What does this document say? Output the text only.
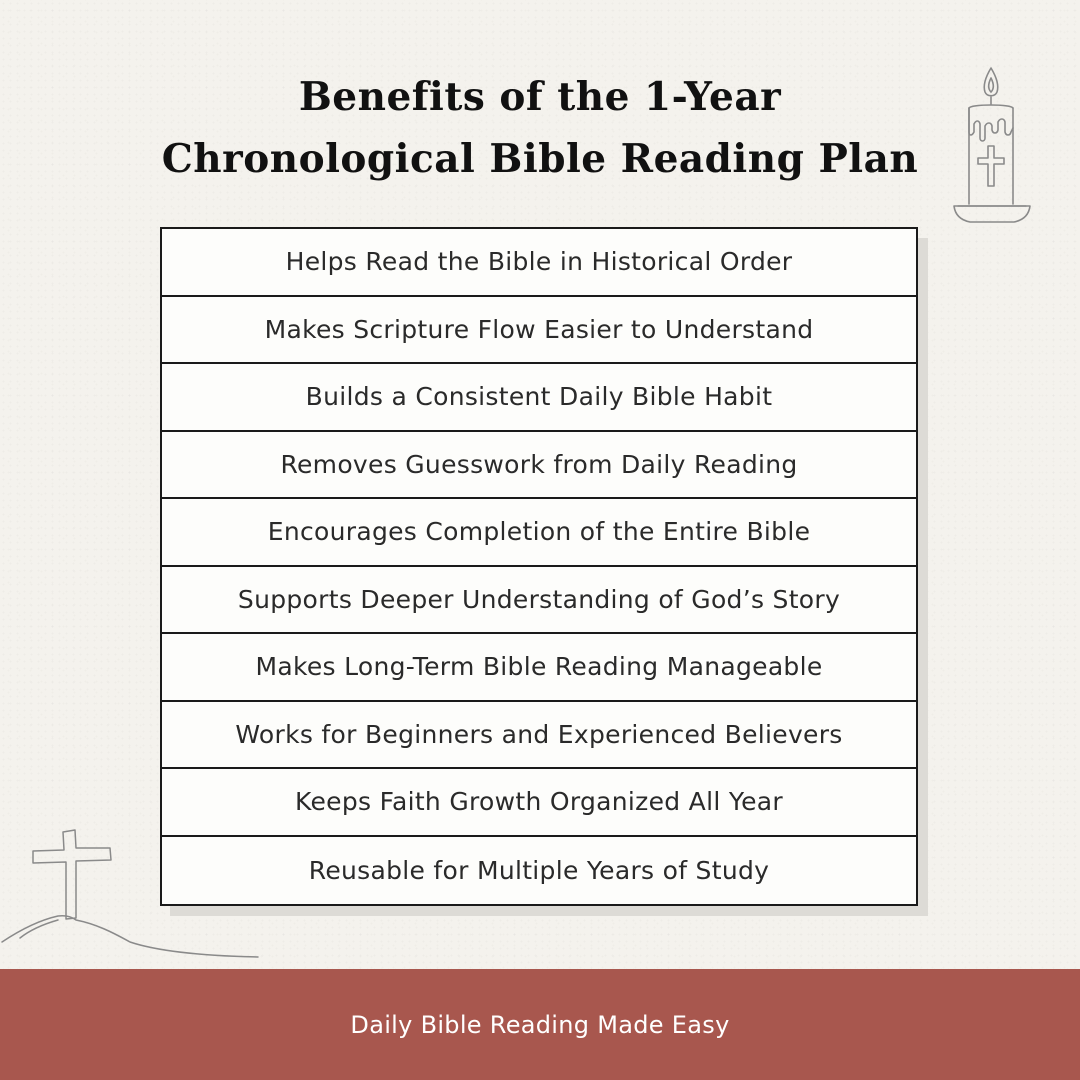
Benefits of the 1-Year
Chronological Bible Reading Plan
Helps Read the Bible in Historical Order
Makes Scripture Flow Easier to Understand
Builds a Consistent Daily Bible Habit
Removes Guesswork from Daily Reading
Encourages Completion of the Entire Bible
Supports Deeper Understanding of God’s Story
Makes Long-Term Bible Reading Manageable
Works for Beginners and Experienced Believers
Keeps Faith Growth Organized All Year
Reusable for Multiple Years of Study
Daily Bible Reading Made Easy
